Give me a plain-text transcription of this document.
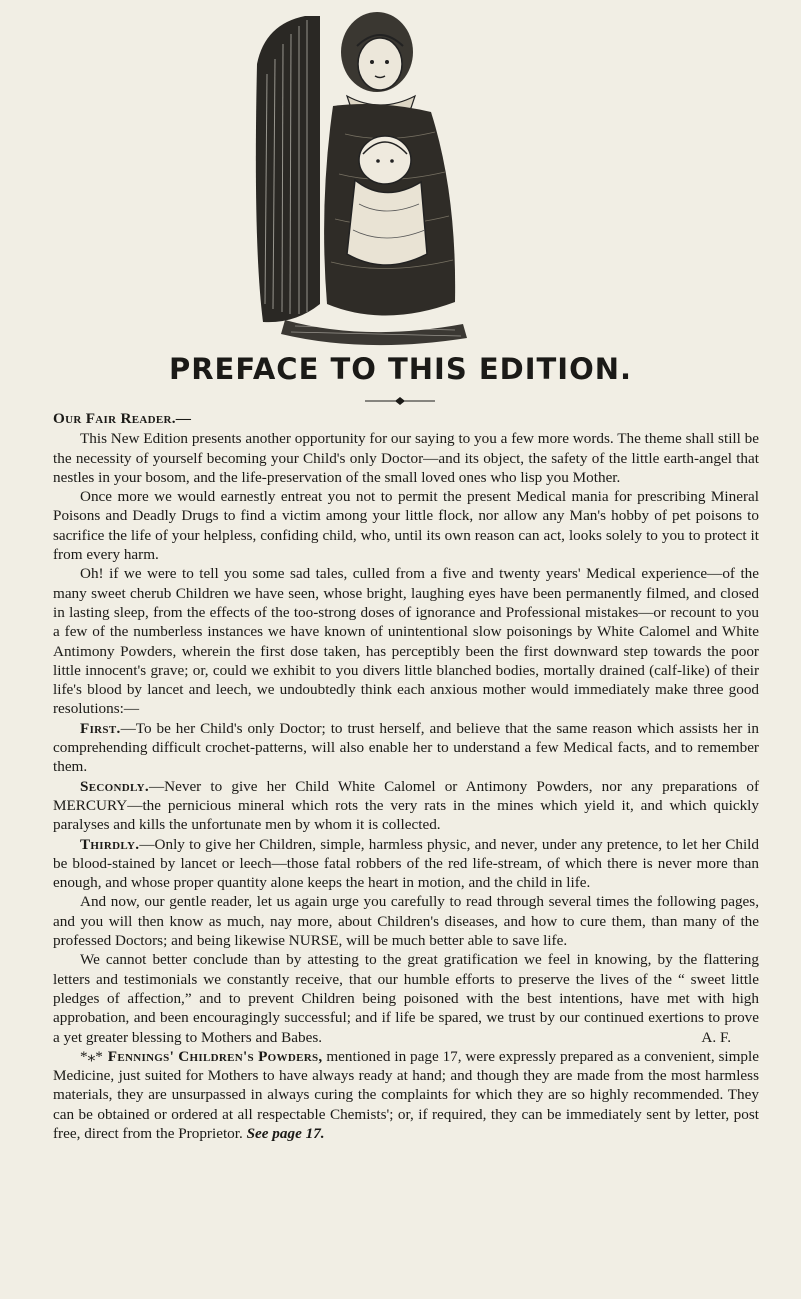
PREFACE TO THIS EDITION.

Our Fair Reader.—

This New Edition presents another opportunity for our saying to you a few more words. The theme shall still be the necessity of yourself becoming your Child's only Doctor—and its object, the safety of the little earth-angel that nestles in your bosom, and the life-preservation of the small loved ones who lisp you Mother.

Once more we would earnestly entreat you not to permit the present Medical mania for prescribing Mineral Poisons and Deadly Drugs to find a victim among your little flock, nor allow any Man's hobby of pet poisons to sacrifice the life of your helpless, confiding child, who, until its own reason can act, looks solely to you to protect it from every harm.

Oh! if we were to tell you some sad tales, culled from a five and twenty years' Medical experience—of the many sweet cherub Children we have seen, whose bright, laughing eyes have been permanently filmed, and closed in lasting sleep, from the effects of the too-strong doses of ignorance and Professional mistakes—or recount to you a few of the numberless instances we have known of unintentional slow poisonings by White Calomel and White Antimony Powders, wherein the first dose taken, has perceptibly been the first downward step towards the poor little innocent's grave; or, could we exhibit to you divers little blanched bodies, mortally drained (calf-like) of their life's blood by lancet and leech, we undoubtedly think each anxious mother would immediately make three good resolutions:—

First.—To be her Child's only Doctor; to trust herself, and believe that the same reason which assists her in comprehending difficult crochet-patterns, will also enable her to understand a few Medical facts, and to remember them.

Secondly.—Never to give her Child White Calomel or Antimony Powders, nor any preparations of MERCURY—the pernicious mineral which rots the very rats in the mines which yield it, and which quickly paralyses and kills the unfortunate men by whom it is collected.

Thirdly.—Only to give her Children, simple, harmless physic, and never, under any pretence, to let her Child be blood-stained by lancet or leech—those fatal robbers of the red life-stream, of which there is never more than enough, and whose proper quantity alone keeps the heart in motion, and the child in life.

And now, our gentle reader, let us again urge you carefully to read through several times the following pages, and you will then know as much, nay more, about Children's diseases, and how to cure them, than many of the professed Doctors; and being likewise NURSE, will be much better able to save life.

We cannot better conclude than by attesting to the great gratification we feel in knowing, by the flattering letters and testimonials we constantly receive, that our humble efforts to preserve the lives of the “ sweet little pledges of affection,” and to prevent Children being poisoned with the best intentions, have met with high approbation, and been encouragingly successful; and if life be spared, we trust by our continued exertions to prove a yet greater blessing to Mothers and Babes.	A. F.

*⁎* Fennings' Children's Powders, mentioned in page 17, were expressly prepared as a convenient, simple Medicine, just suited for Mothers to have always ready at hand; and though they are made from the most harmless materials, they are unsurpassed in always curing the complaints for which they are so highly recommended. They can be obtained or ordered at all respectable Chemists'; or, if required, they can be immediately sent by letter, post free, direct from the Proprietor. See page 17.
